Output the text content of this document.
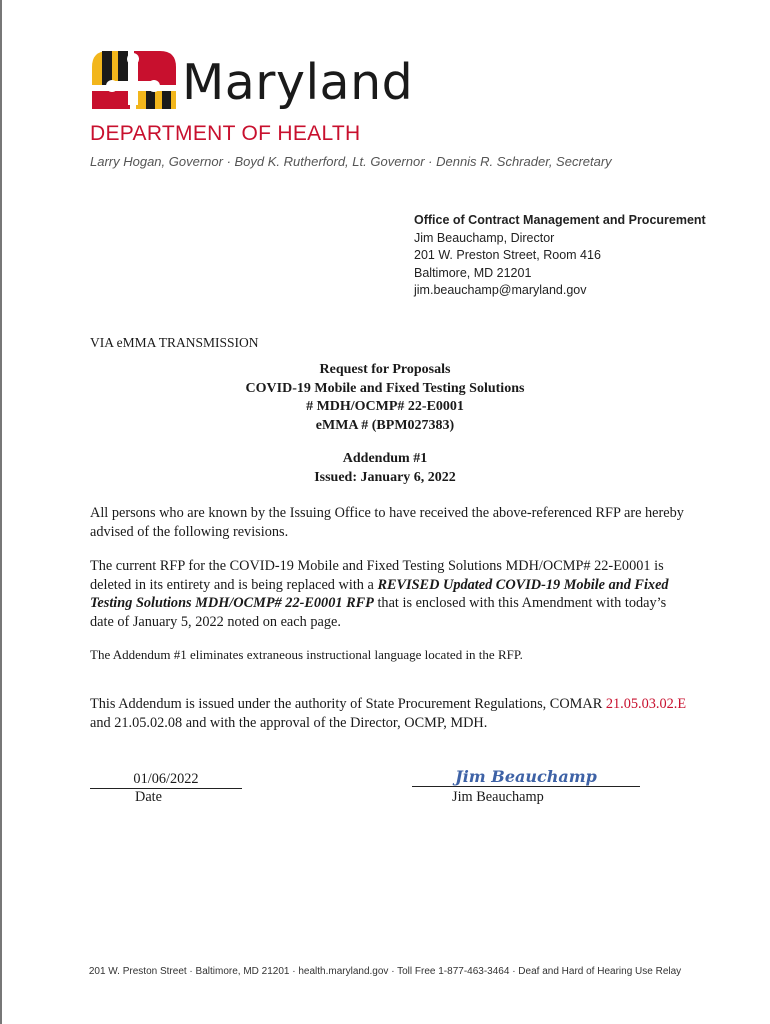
Maryland
DEPARTMENT OF HEALTH
Larry Hogan, Governor · Boyd K. Rutherford, Lt. Governor · Dennis R. Schrader, Secretary
Office of Contract Management and Procurement
Jim Beauchamp, Director
201 W. Preston Street, Room 416
Baltimore, MD 21201
jim.beauchamp@maryland.gov
VIA eMMA TRANSMISSION
Request for Proposals
COVID-19 Mobile and Fixed Testing Solutions
# MDH/OCMP# 22-E0001
eMMA # (BPM027383)
Addendum #1
Issued: January 6, 2022
All persons who are known by the Issuing Office to have received the above-referenced RFP are hereby advised of the following revisions.
The current RFP for the COVID-19 Mobile and Fixed Testing Solutions MDH/OCMP# 22-E0001 is deleted in its entirety and is being replaced with a REVISED Updated COVID-19 Mobile and Fixed Testing Solutions MDH/OCMP# 22-E0001 RFP that is enclosed with this Amendment with today’s date of January 5, 2022 noted on each page.
The Addendum #1 eliminates extraneous instructional language located in the RFP.
This Addendum is issued under the authority of State Procurement Regulations, COMAR 21.05.03.02.E and 21.05.02.08 and with the approval of the Director, OCMP, MDH.
01/06/2022
Date
Jim Beauchamp
Jim Beauchamp
201 W. Preston Street · Baltimore, MD 21201 · health.maryland.gov · Toll Free 1-877-463-3464 · Deaf and Hard of Hearing Use Relay
